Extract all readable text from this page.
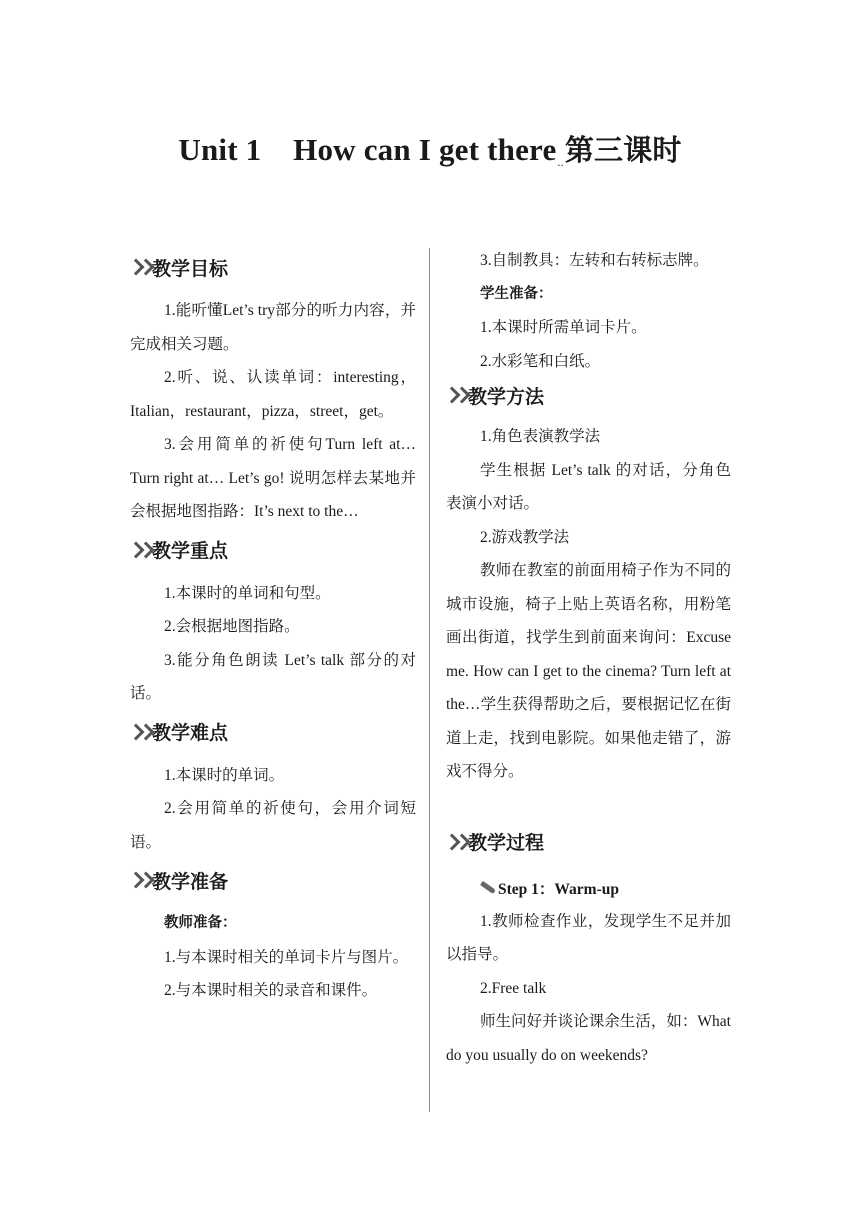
Unit 1    How can I get there..第三课时
教学目标
1.能听懂Let’s try部分的听力内容，并完成相关习题。
2.听、说、认读单词：interesting，Italian，restaurant，pizza，street，get。
3.会用简单的祈使句Turn left at… Turn right at… Let’s go! 说明怎样去某地并会根据地图指路：It’s next to the…
教学重点
1.本课时的单词和句型。
2.会根据地图指路。
3.能分角色朗读 Let’s talk 部分的对话。
教学难点
1.本课时的单词。
2.会用简单的祈使句，会用介词短语。
教学准备
教师准备：
1.与本课时相关的单词卡片与图片。
2.与本课时相关的录音和课件。
3.自制教具：左转和右转标志牌。
学生准备：
1.本课时所需单词卡片。
2.水彩笔和白纸。
教学方法
1.角色表演教学法
学生根据 Let’s talk 的对话，分角色表演小对话。
2.游戏教学法
教师在教室的前面用椅子作为不同的城市设施，椅子上贴上英语名称，用粉笔画出街道，找学生到前面来询问：Excuse me. How can I get to the cinema? Turn left at the…学生获得帮助之后，要根据记忆在街道上走，找到电影院。如果他走错了，游戏不得分。
教学过程
Step 1：Warm-up
1.教师检查作业，发现学生不足并加以指导。
2.Free talk
师生问好并谈论课余生活，如：What do you usually do on weekends?
